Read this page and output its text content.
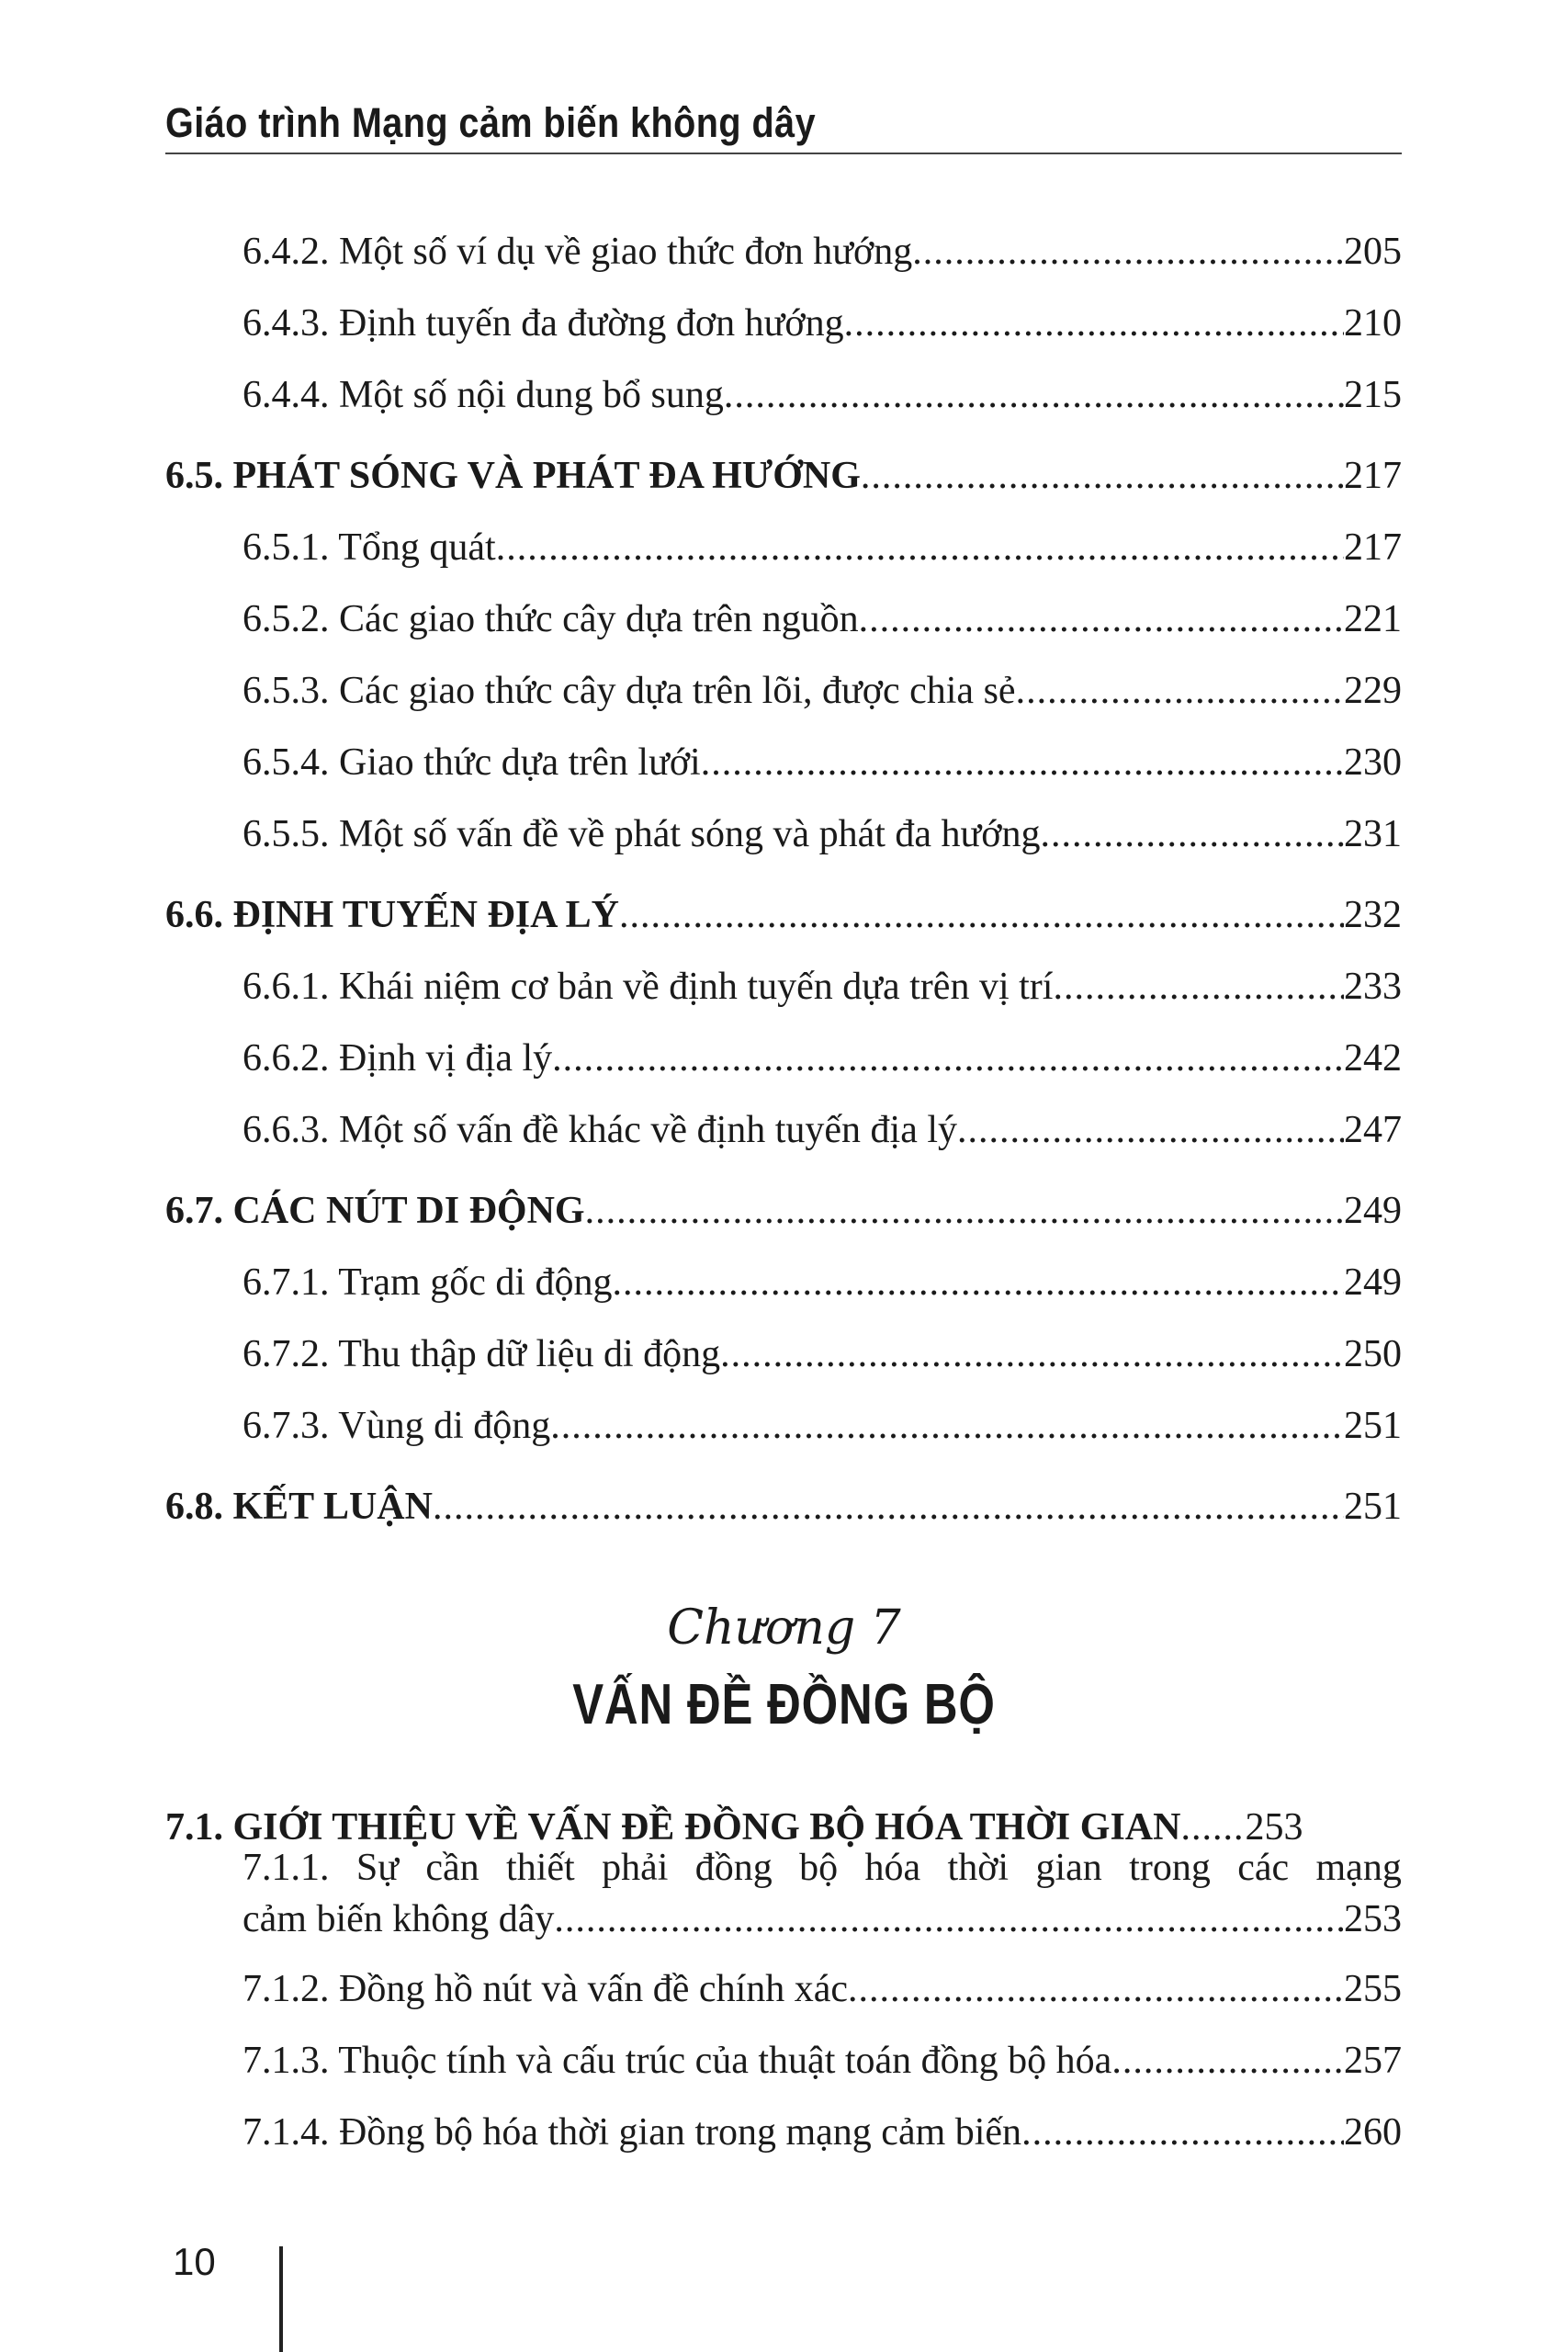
Giáo trình Mạng cảm biến không dây
6.4.2. Một số ví dụ về giao thức đơn hướng .....	205
6.4.3. Định tuyến đa đường đơn hướng .....	210
6.4.4. Một số nội dung bổ sung .....	215
6.5. PHÁT SÓNG VÀ PHÁT ĐA HƯỚNG .....	217
6.5.1. Tổng quát .....	217
6.5.2. Các giao thức cây dựa trên nguồn .....	221
6.5.3. Các giao thức cây dựa trên lõi, được chia sẻ .....	229
6.5.4. Giao thức dựa trên lưới .....	230
6.5.5. Một số vấn đề về phát sóng và phát đa hướng .....	231
6.6. ĐỊNH TUYẾN ĐỊA LÝ .....	232
6.6.1. Khái niệm cơ bản về định tuyến dựa trên vị trí .....	233
6.6.2. Định vị địa lý .....	242
6.6.3. Một số vấn đề khác về định tuyến địa lý .....	247
6.7. CÁC NÚT DI ĐỘNG .....	249
6.7.1. Trạm gốc di động .....	249
6.7.2. Thu thập dữ liệu di động .....	250
6.7.3. Vùng di động .....	251
6.8. KẾT LUẬN .....	251
Chương 7
VẤN ĐỀ ĐỒNG BỘ
7.1. GIỚI THIỆU VỀ VẤN ĐỀ ĐỒNG BỘ HÓA THỜI GIAN ..... 253
7.1.1. Sự cần thiết phải đồng bộ hóa thời gian trong các mạng
cảm biến không dây .....	253
7.1.2. Đồng hồ nút và vấn đề chính xác .....	255
7.1.3. Thuộc tính và cấu trúc của thuật toán đồng bộ hóa .....	257
7.1.4. Đồng bộ hóa thời gian trong mạng cảm biến .....	260
10
